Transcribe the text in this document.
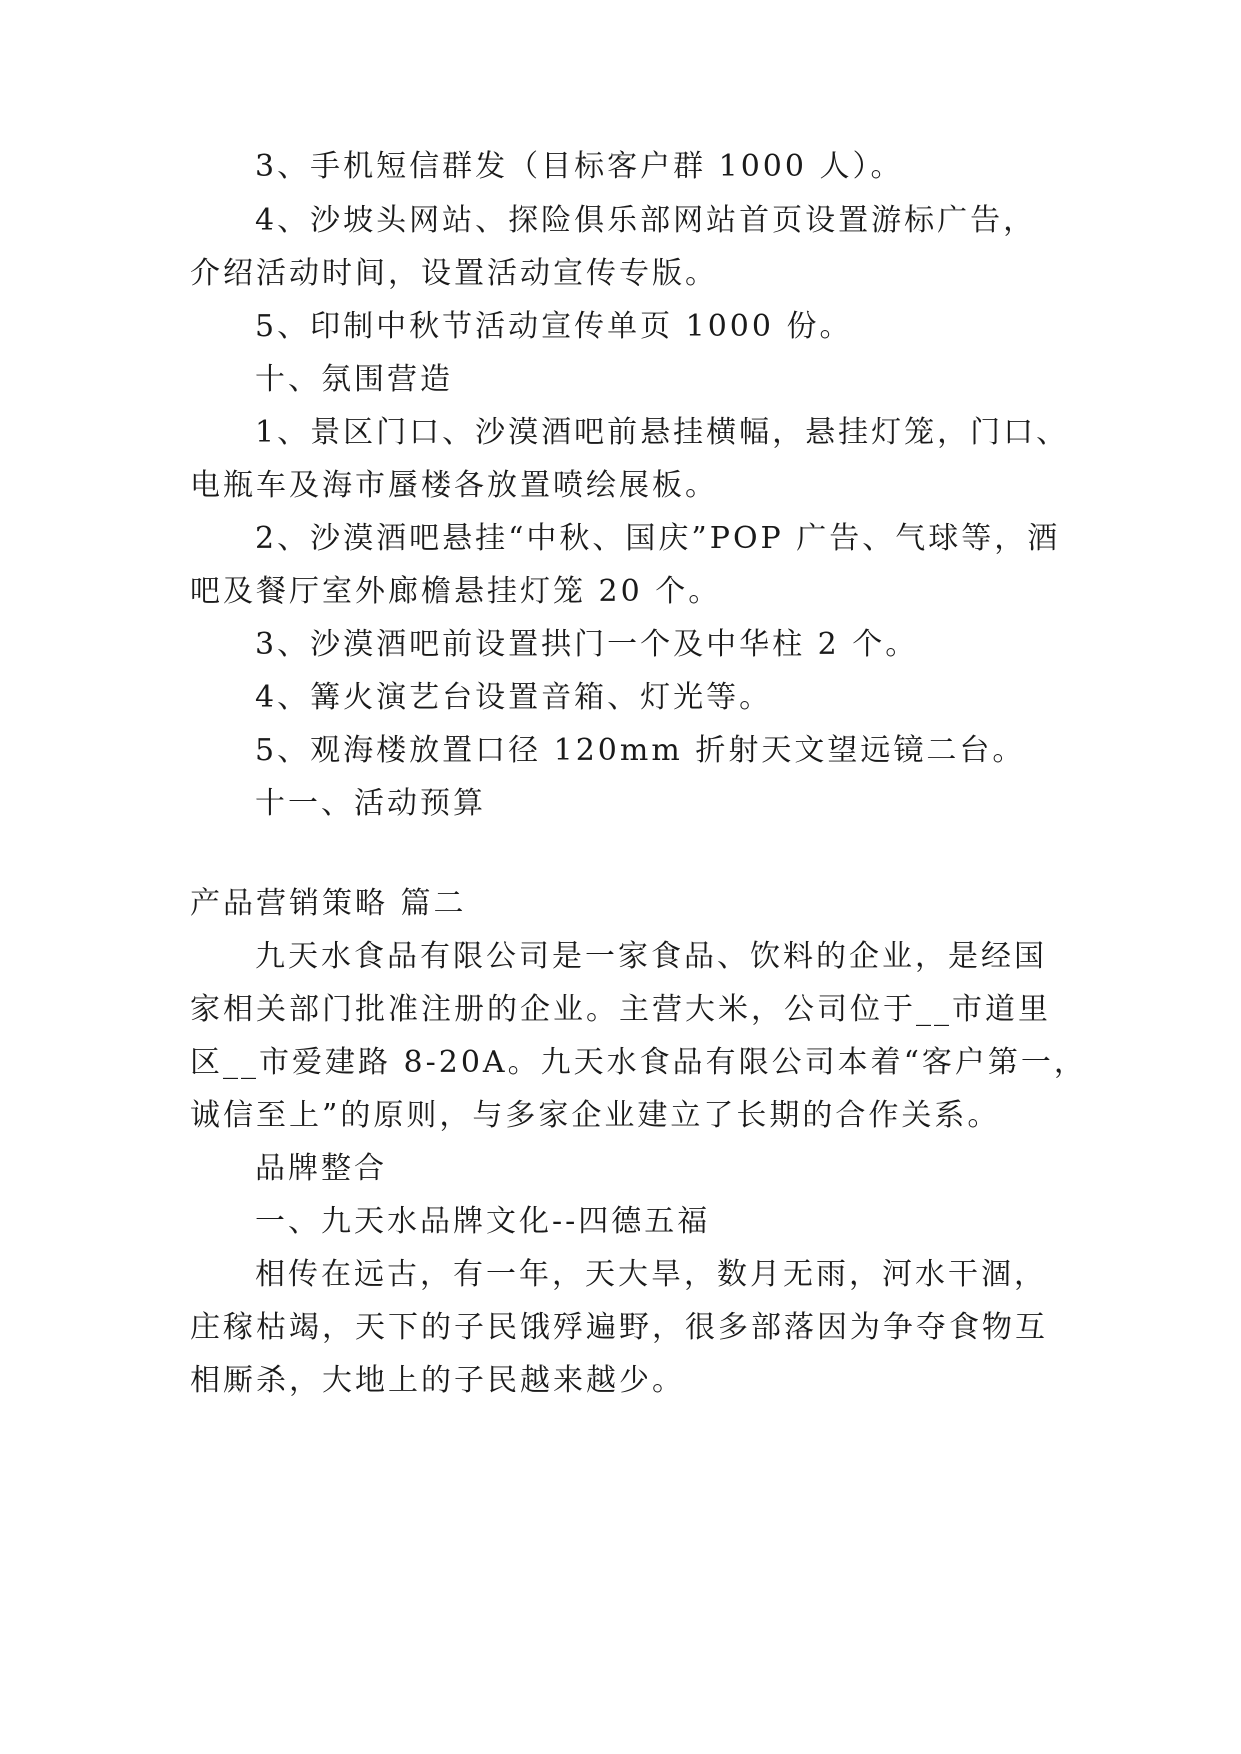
3、手机短信群发（目标客户群 1000 人）。
4、沙坡头网站、探险俱乐部网站首页设置游标广告，
介绍活动时间，设置活动宣传专版。
5、印制中秋节活动宣传单页 1000 份。
十、氛围营造
1、景区门口、沙漠酒吧前悬挂横幅，悬挂灯笼，门口、
电瓶车及海市蜃楼各放置喷绘展板。
2、沙漠酒吧悬挂“中秋、国庆”POP 广告、气球等，酒
吧及餐厅室外廊檐悬挂灯笼 20 个。
3、沙漠酒吧前设置拱门一个及中华柱 2 个。
4、篝火演艺台设置音箱、灯光等。
5、观海楼放置口径 120mm 折射天文望远镜二台。
十一、活动预算
产品营销策略 篇二
九天水食品有限公司是一家食品、饮料的企业，是经国
家相关部门批准注册的企业。主营大米，公司位于__市道里
区__市爱建路 8-20A。九天水食品有限公司本着“客户第一，
诚信至上”的原则，与多家企业建立了长期的合作关系。
品牌整合
一、九天水品牌文化--四德五福
相传在远古，有一年，天大旱，数月无雨，河水干涸，
庄稼枯竭，天下的子民饿殍遍野，很多部落因为争夺食物互
相厮杀，大地上的子民越来越少。
